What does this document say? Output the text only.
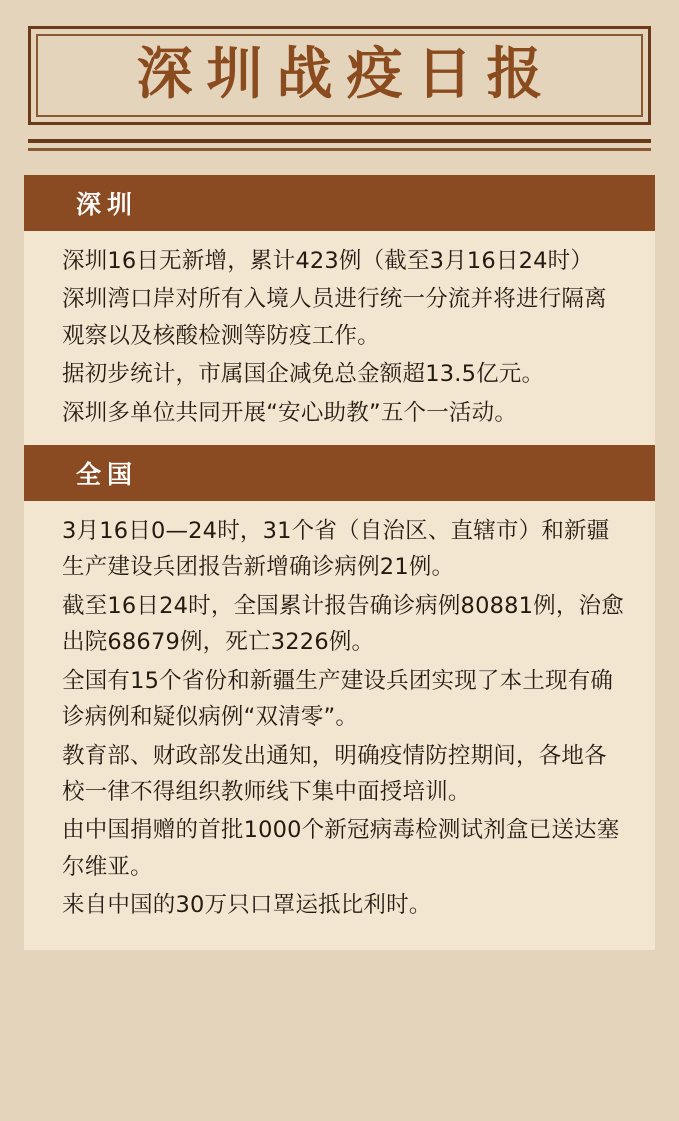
深圳战疫日报
深圳
深圳16日无新增，累计423例（截至3月16日24时）
深圳湾口岸对所有入境人员进行统一分流并将进行隔离观察以及核酸检测等防疫工作。
据初步统计，市属国企减免总金额超13.5亿元。
深圳多单位共同开展“安心助教”五个一活动。
全国
3月16日0—24时，31个省（自治区、直辖市）和新疆生产建设兵团报告新增确诊病例21例。
截至16日24时，全国累计报告确诊病例80881例，治愈出院68679例，死亡3226例。
全国有15个省份和新疆生产建设兵团实现了本土现有确诊病例和疑似病例“双清零”。
教育部、财政部发出通知，明确疫情防控期间，各地各校一律不得组织教师线下集中面授培训。
由中国捐赠的首批1000个新冠病毒检测试剂盒已送达塞尔维亚。
来自中国的30万只口罩运抵比利时。
